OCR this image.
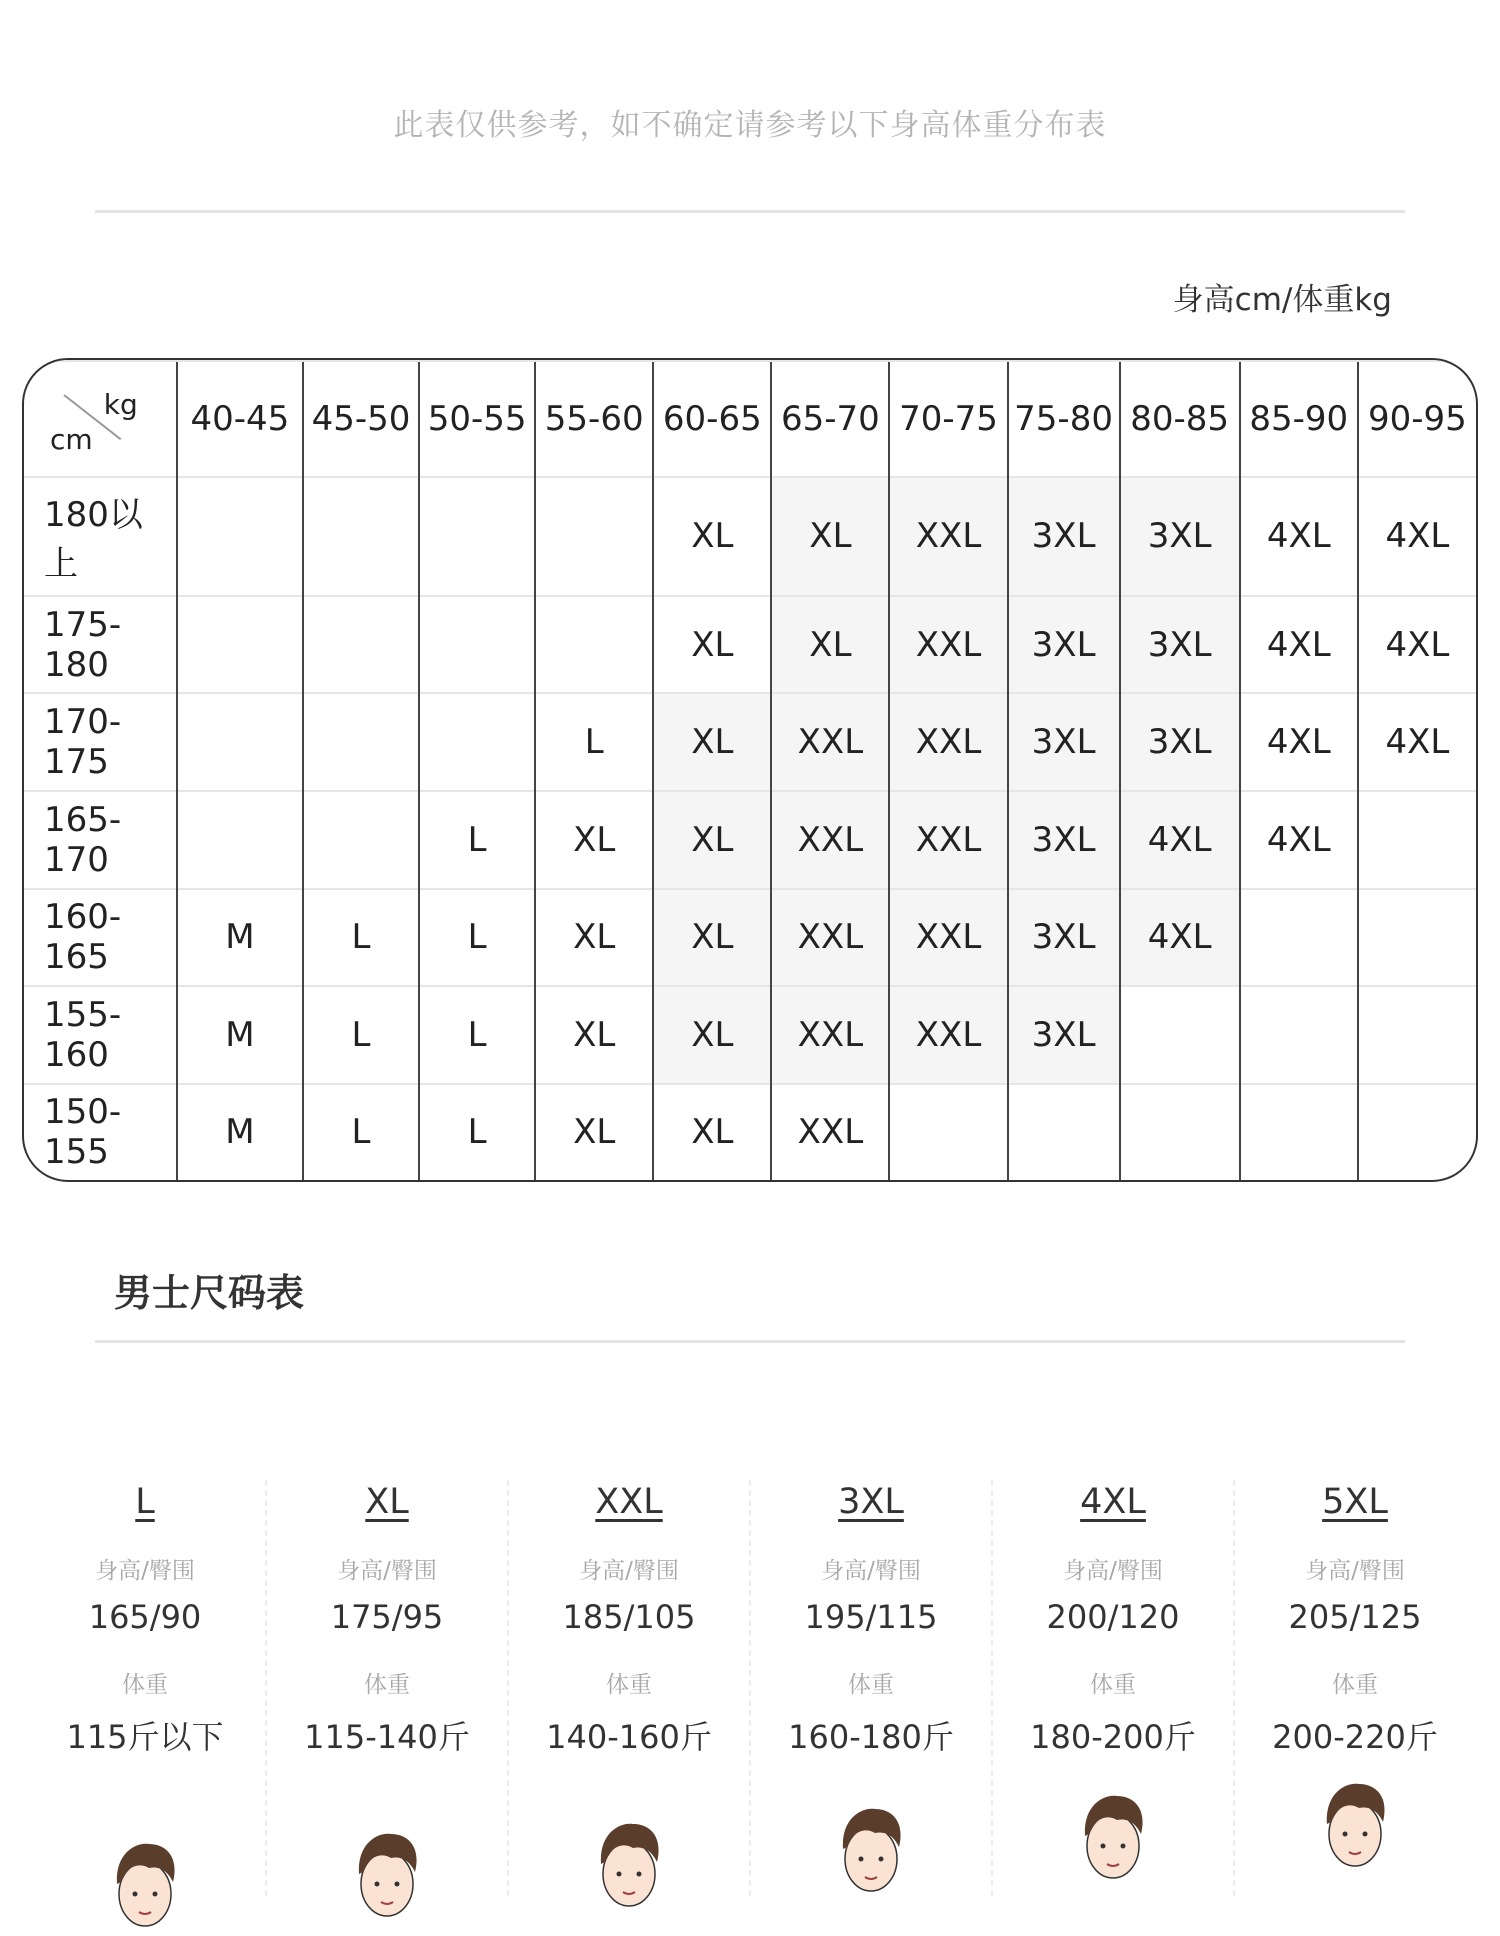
此表仅供参考，如不确定请参考以下身高体重分布表
身高cm/体重kg
kg
cm	40-45	45-50	50-55	55-60	60-65	65-70	70-75	75-80	80-85	85-90	90-95
180以上					XL	XL	XXL	3XL	3XL	4XL	4XL
175-180					XL	XL	XXL	3XL	3XL	4XL	4XL
170-175				L	XL	XXL	XXL	3XL	3XL	4XL	4XL
165-170			L	XL	XL	XXL	XXL	3XL	4XL	4XL	
160-165	M	L	L	XL	XL	XXL	XXL	3XL	4XL		
155-160	M	L	L	XL	XL	XXL	XXL	3XL			
150-155	M	L	L	XL	XL	XXL					
男士尺码表
L
身高/臀围
165/90
体重
115斤以下
XL
身高/臀围
175/95
体重
115-140斤
XXL
身高/臀围
185/105
体重
140-160斤
3XL
身高/臀围
195/115
体重
160-180斤
4XL
身高/臀围
200/120
体重
180-200斤
5XL
身高/臀围
205/125
体重
200-220斤
